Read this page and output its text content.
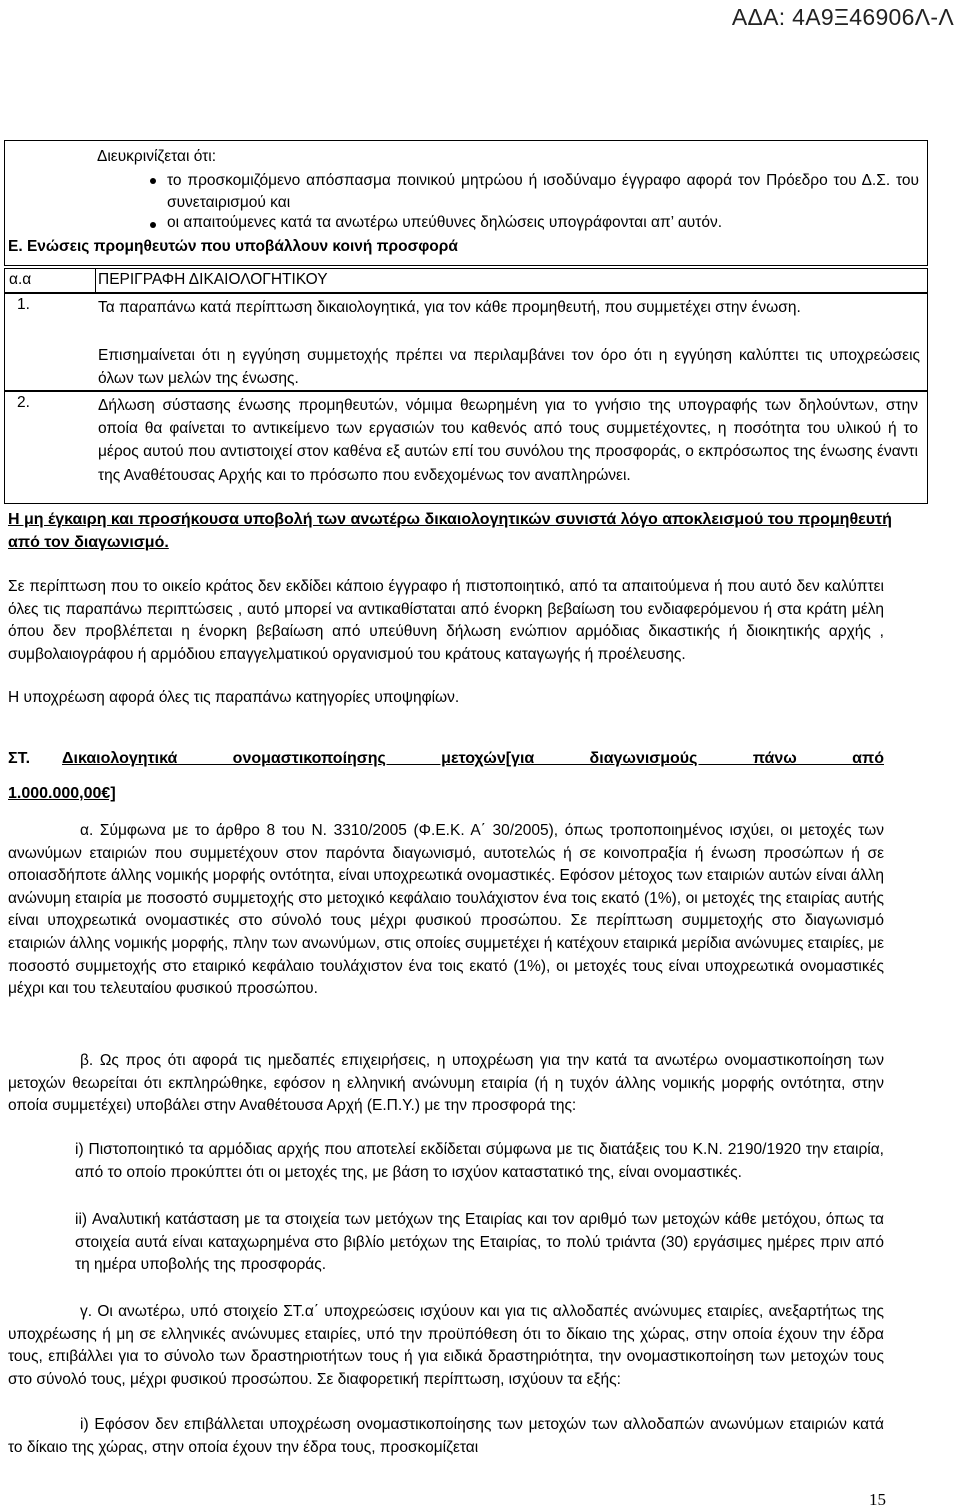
ΑΔΑ: 4Α9Ξ46906Λ-Λ
Διευκρινίζεται ότι:
το προσκομιζόμενο απόσπασμα ποινικού μητρώου ή ισοδύναμο έγγραφο αφορά τον Πρόεδρο του Δ.Σ. του συνεταιρισμού και
οι απαιτούμενες κατά τα ανωτέρω υπεύθυνες δηλώσεις υπογράφονται απ’ αυτόν.
Ε. Ενώσεις προμηθευτών που υποβάλλουν κοινή προσφορά
α.α	ΠΕΡΙΓΡΑΦΗ ΔΙΚΑΙΟΛΟΓΗΤΙΚΟΥ
1.	Τα παραπάνω κατά περίπτωση δικαιολογητικά, για τον κάθε προμηθευτή, που συμμετέχει στην ένωση.
Επισημαίνεται ότι η εγγύηση συμμετοχής πρέπει να περιλαμβάνει τον όρο ότι η εγγύηση καλύπτει τις υποχρεώσεις όλων των μελών της ένωσης.
2.	Δήλωση σύστασης ένωσης προμηθευτών, νόμιμα θεωρημένη για το γνήσιο της υπογραφής των δηλούντων, στην οποία θα φαίνεται το αντικείμενο των εργασιών του καθενός από τους συμμετέχοντες, η ποσότητα του υλικού ή το μέρος αυτού που αντιστοιχεί στον καθένα εξ αυτών επί του συνόλου της προσφοράς, ο εκπρόσωπος της ένωσης έναντι της Αναθέτουσας Αρχής και το πρόσωπο που ενδεχομένως τον αναπληρώνει.
Η μη έγκαιρη και προσήκουσα υποβολή των ανωτέρω δικαιολογητικών συνιστά λόγο αποκλεισμού του προμηθευτή από τον διαγωνισμό.

Σε περίπτωση που το οικείο κράτος δεν εκδίδει κάποιο έγγραφο ή πιστοποιητικό, από τα απαιτούμενα ή που αυτό δεν καλύπτει όλες τις παραπάνω περιπτώσεις , αυτό μπορεί να αντικαθίσταται από ένορκη βεβαίωση του ενδιαφερόμενου ή στα κράτη μέλη όπου δεν προβλέπεται η ένορκη βεβαίωση από υπεύθυνη δήλωση ενώπιον αρμόδιας δικαστικής ή διοικητικής αρχής , συμβολαιογράφου ή αρμόδιου επαγγελματικού οργανισμού του κράτους καταγωγής ή προέλευσης.

Η υποχρέωση αφορά όλες τις παραπάνω κατηγορίες υποψηφίων.
ΣΤ. Δικαιολογητικά ονομαστικοποίησης μετοχών[για διαγωνισμούς πάνω από
1.000.000,00€]

α. Σύμφωνα με το άρθρο 8 του Ν. 3310/2005 (Φ.Ε.Κ. Α΄ 30/2005), όπως τροποποιημένος ισχύει, οι μετοχές των ανωνύμων εταιριών που συμμετέχουν στον παρόντα διαγωνισμό, αυτοτελώς ή σε κοινοπραξία ή ένωση προσώπων ή σε οποιασδήποτε άλλης νομικής μορφής οντότητα, είναι υποχρεωτικά ονομαστικές. Εφόσον μέτοχος των εταιριών αυτών είναι άλλη ανώνυμη εταιρία με ποσοστό συμμετοχής στο μετοχικό κεφάλαιο τουλάχιστον ένα τοις εκατό (1%), οι μετοχές της εταιρίας αυτής είναι υποχρεωτικά ονομαστικές στο σύνολό τους μέχρι φυσικού προσώπου. Σε περίπτωση συμμετοχής στο διαγωνισμό εταιριών άλλης νομικής μορφής, πλην των ανωνύμων, στις οποίες συμμετέχει ή κατέχουν εταιρικά μερίδια ανώνυμες εταιρίες, με ποσοστό συμμετοχής στο εταιρικό κεφάλαιο τουλάχιστον ένα τοις εκατό (1%), οι μετοχές τους είναι υποχρεωτικά ονομαστικές μέχρι και του τελευταίου φυσικού προσώπου.

β. Ως προς ότι αφορά τις ημεδαπές επιχειρήσεις, η υποχρέωση για την κατά τα ανωτέρω ονομαστικοποίηση των μετοχών θεωρείται ότι εκπληρώθηκε, εφόσον η ελληνική ανώνυμη εταιρία (ή η τυχόν άλλης νομικής μορφής οντότητα, στην οποία συμμετέχει) υποβάλει στην Αναθέτουσα Αρχή (Ε.Π.Υ.) με την προσφορά της:

i) Πιστοποιητικό τα αρμόδιας αρχής που αποτελεί εκδίδεται σύμφωνα με τις διατάξεις του Κ.Ν. 2190/1920 την εταιρία, από το οποίο προκύπτει ότι οι μετοχές της, με βάση το ισχύον καταστατικό της, είναι ονομαστικές.

ii) Αναλυτική κατάσταση με τα στοιχεία των μετόχων της Εταιρίας και τον αριθμό των μετοχών κάθε μετόχου, όπως τα στοιχεία αυτά είναι καταχωρημένα στο βιβλίο μετόχων της Εταιρίας, το πολύ τριάντα (30) εργάσιμες ημέρες πριν από τη ημέρα υποβολής της προσφοράς.

γ. Οι ανωτέρω, υπό στοιχείο ΣΤ.α΄ υποχρεώσεις ισχύουν και για τις αλλοδαπές ανώνυμες εταιρίες, ανεξαρτήτως της υποχρέωσης ή μη σε ελληνικές ανώνυμες εταιρίες, υπό την προϋπόθεση ότι το δίκαιο της χώρας, στην οποία έχουν την έδρα τους, επιβάλλει για το σύνολο των δραστηριοτήτων τους ή για ειδικά δραστηριότητα, την ονομαστικοποίηση των μετοχών τους στο σύνολό τους, μέχρι φυσικού προσώπου. Σε διαφορετική περίπτωση, ισχύουν τα εξής:

i) Εφόσον δεν επιβάλλεται υποχρέωση ονομαστικοποίησης των μετοχών των αλλοδαπών ανωνύμων εταιριών κατά το δίκαιο της χώρας, στην οποία έχουν την έδρα τους, προσκομίζεται

15
